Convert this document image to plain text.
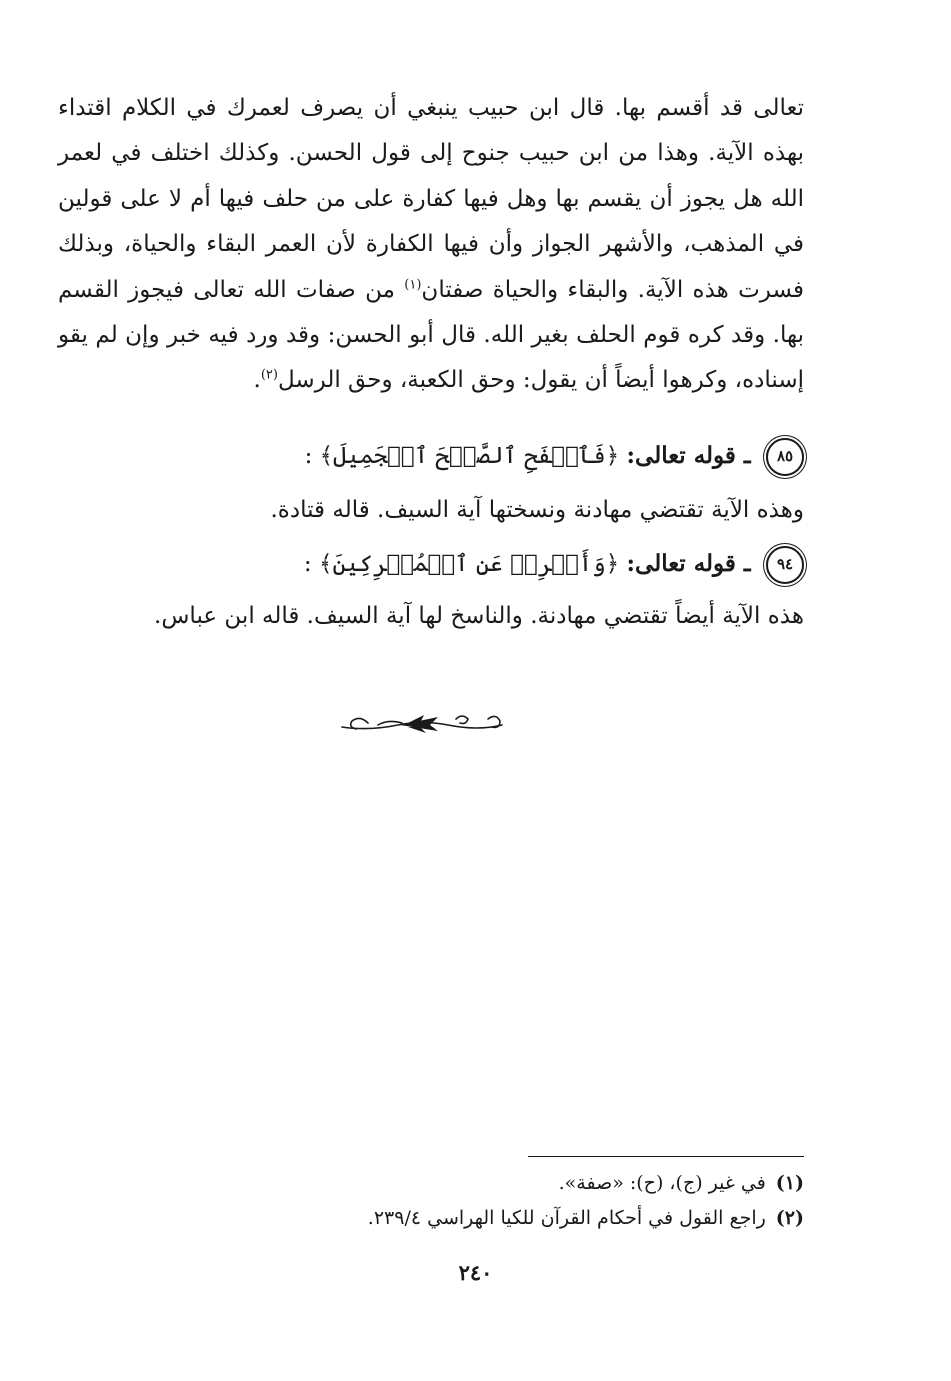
تعالى قد أقسم بها. قال ابن حبيب ينبغي أن يصرف لعمرك في الكلام اقتداء بهذه الآية. وهذا من ابن حبيب جنوح إلى قول الحسن. وكذلك اختلف في لعمر الله هل يجوز أن يقسم بها وهل فيها كفارة على من حلف فيها أم لا على قولين في المذهب، والأشهر الجواز وأن فيها الكفارة لأن العمر البقاء والحياة، وبذلك فسرت هذه الآية. والبقاء والحياة صفتان$^{(١)}$ من صفات الله تعالى فيجوز القسم بها. وقد كره قوم الحلف بغير الله. قال أبو الحسن: وقد ورد فيه خبر وإن لم يقو إسناده، وكرهوا أيضاً أن يقول: وحق الكعبة، وحق الرسل$^{(٢)}$.

٨٥ ـ قوله تعالى: ﴿فَٱصۡفَحِ ٱلصَّفۡحَ ٱلۡجَمِيلَ﴾ :

وهذه الآية تقتضي مهادنة ونسختها آية السيف. قاله قتادة.

٩٤ ـ قوله تعالى: ﴿وَأَعۡرِضۡ عَنِ ٱلۡمُشۡرِكِينَ﴾ :

هذه الآية أيضاً تقتضي مهادنة. والناسخ لها آية السيف. قاله ابن عباس.

(١)في غير (ج)، (ح): «صفة».
(٢)راجع القول في أحكام القرآن للكيا الهراسي ٢٣٩/٤.
٢٤٠
